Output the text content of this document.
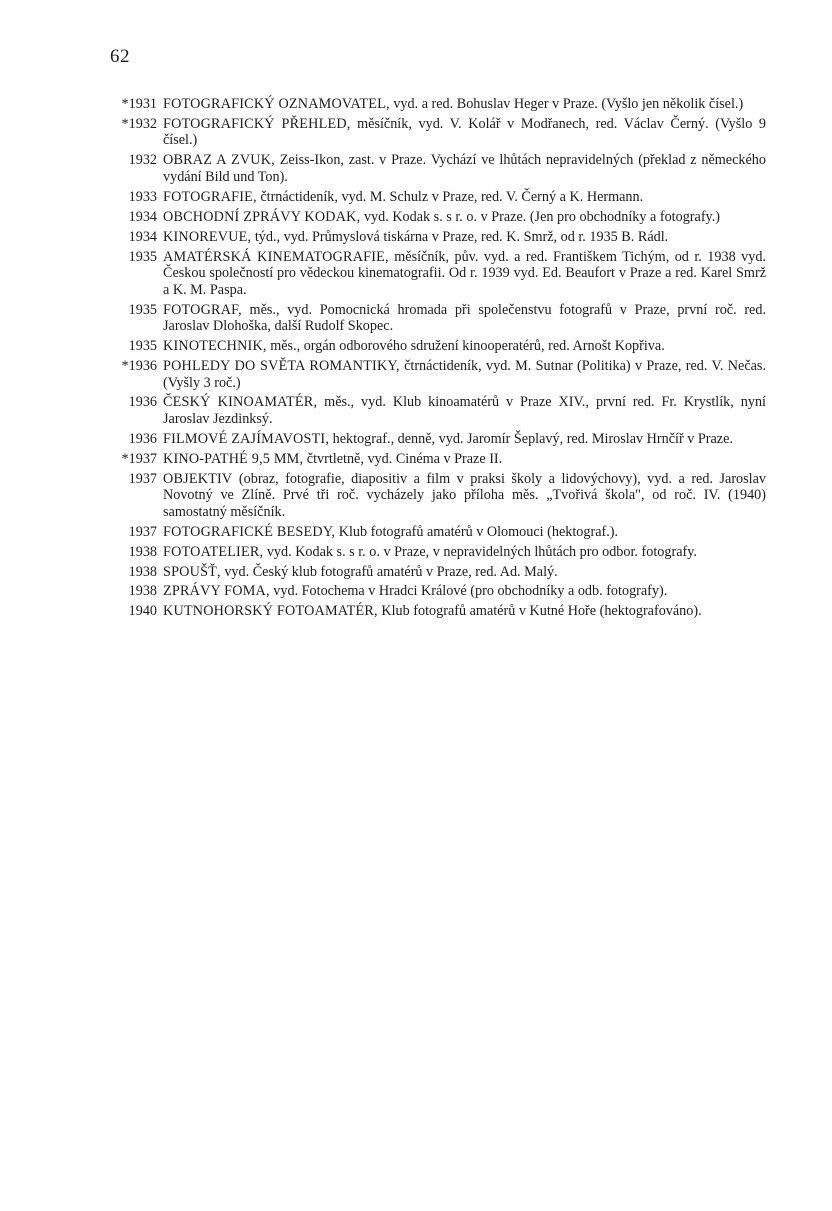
62
*1931 FOTOGRAFICKÝ OZNAMOVATEL, vyd. a red. Bohuslav Heger v Praze. (Vyšlo jen několik čísel.)
*1932 FOTOGRAFICKÝ PŘEHLED, měsíčník, vyd. V. Kolář v Modřanech, red. Václav Černý. (Vyšlo 9 čísel.)
1932 OBRAZ A ZVUK, Zeiss-Ikon, zast. v Praze. Vychází ve lhůtách nepravidelných (překlad z německého vydání Bild und Ton).
1933 FOTOGRAFIE, čtrnáctideník, vyd. M. Schulz v Praze, red. V. Černý a K. Hermann.
1934 OBCHODNÍ ZPRÁVY KODAK, vyd. Kodak s. s r. o. v Praze. (Jen pro obchodníky a fotografy.)
1934 KINOREVUE, týd., vyd. Průmyslová tiskárna v Praze, red. K. Smrž, od r. 1935 B. Rádl.
1935 AMATÉRSKÁ KINEMATOGRAFIE, měsíčník, pův. vyd. a red. Františkem Tichým, od r. 1938 vyd. Českou společností pro vědeckou kinematografii. Od r. 1939 vyd. Ed. Beaufort v Praze a red. Karel Smrž a K. M. Paspa.
1935 FOTOGRAF, měs., vyd. Pomocnická hromada při společenstvu fotografů v Praze, první roč. red. Jaroslav Dlohoška, další Rudolf Skopec.
1935 KINOTECHNIK, měs., orgán odborového sdružení kinooperatérů, red. Arnošt Kopřiva.
*1936 POHLEDY DO SVĚTA ROMANTIKY, čtrnáctideník, vyd. M. Sutnar (Politika) v Praze, red. V. Nečas. (Vyšly 3 roč.)
1936 ČESKÝ KINOAMATÉR, měs., vyd. Klub kinoamatérů v Praze XIV., první red. Fr. Krystlík, nyní Jaroslav Jezdinksý.
1936 FILMOVÉ ZAJÍMAVOSTI, hektograf., denně, vyd. Jaromír Šeplavý, red. Miroslav Hrnčíř v Praze.
*1937 KINO-PATHÉ 9,5 MM, čtvrtletně, vyd. Cinéma v Praze II.
1937 OBJEKTIV (obraz, fotografie, diapositiv a film v praksi školy a lidovýchovy), vyd. a red. Jaroslav Novotný ve Zlíně. Prvé tři roč. vycházely jako příloha měs. „Tvořivá škola", od roč. IV. (1940) samostatný měsíčník.
1937 FOTOGRAFICKÉ BESEDY, Klub fotografů amatérů v Olomouci (hektograf.).
1938 FOTOATELIER, vyd. Kodak s. s r. o. v Praze, v nepravidelných lhůtách pro odbor. fotografy.
1938 SPOUŠŤ, vyd. Český klub fotografů amatérů v Praze, red. Ad. Malý.
1938 ZPRÁVY FOMA, vyd. Fotochema v Hradci Králové (pro obchodníky a odb. fotografy).
1940 KUTNOHORSKÝ FOTOAMATÉR, Klub fotografů amatérů v Kutné Hoře (hektografováno).
